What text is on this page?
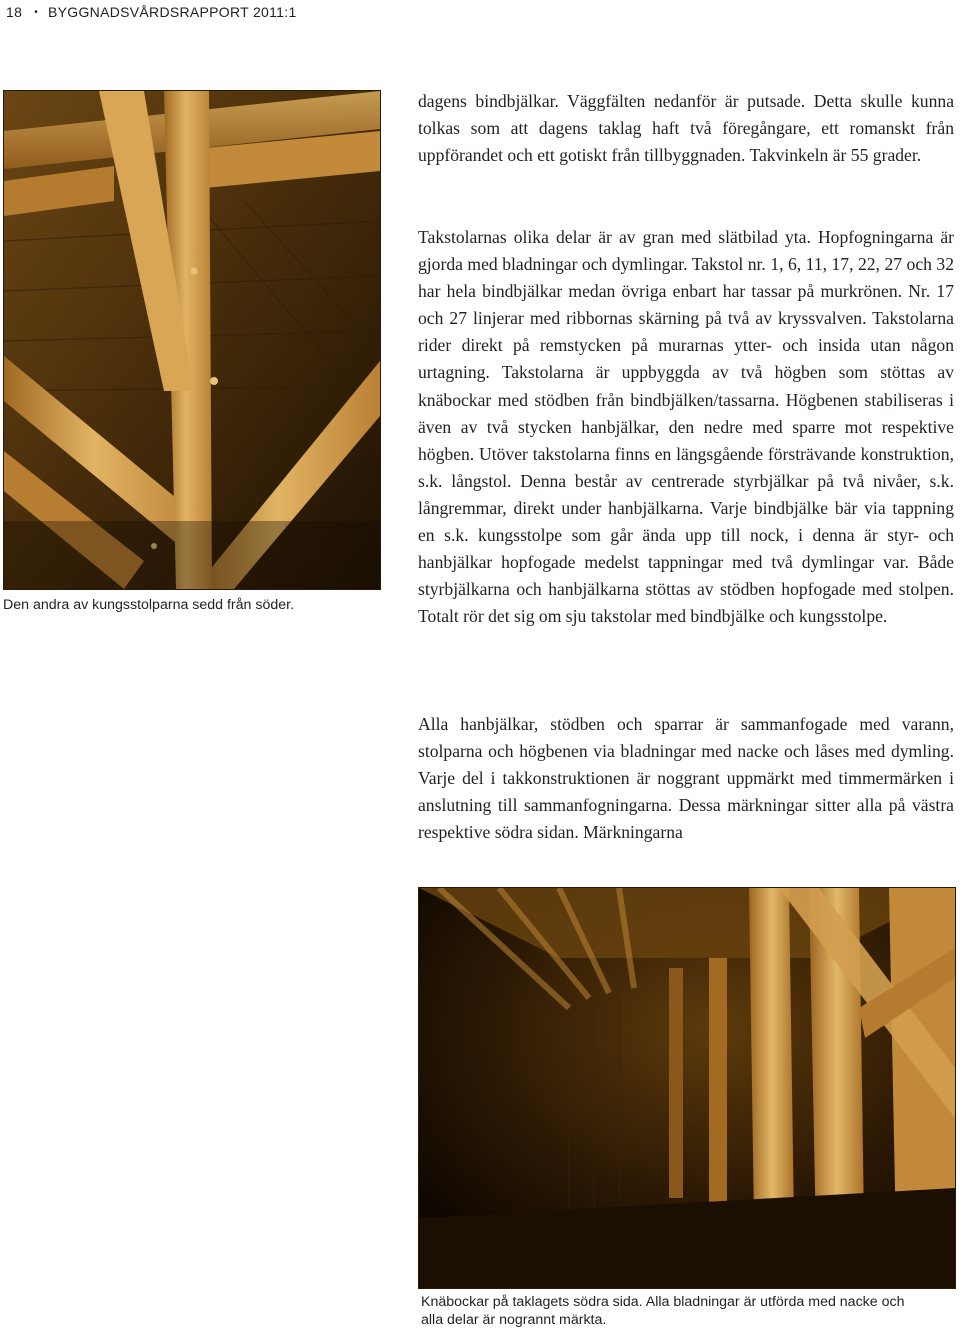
18 • BYGGNADSVÅRDSRAPPORT 2011:1
Den andra av kungsstolparna sedd från söder.

dagens bindbjälkar. Väggfälten nedanför är putsade. Detta skulle kunna tolkas som att dagens taklag haft två föregångare, ett romanskt från uppförandet och ett gotiskt från tillbyggnaden. Takvinkeln är 55 grader.

Takstolarnas olika delar är av gran med slätbilad yta. Hopfogningarna är gjorda med bladningar och dymlingar. Takstol nr. 1, 6, 11, 17, 22, 27 och 32 har hela bindbjälkar medan övriga enbart har tassar på murkrönen. Nr. 17 och 27 linjerar med ribbornas skärning på två av kryssvalven. Takstolarna rider direkt på remstycken på murarnas ytter- och insida utan någon urtagning. Takstolarna är uppbyggda av två högben som stöttas av knäbockar med stödben från bindbjälken/tassarna. Högbenen stabiliseras i även av två stycken hanbjälkar, den nedre med sparre mot respektive högben. Utöver takstolarna finns en längsgående försträvande konstruktion, s.k. långstol. Denna består av centrerade styrbjälkar på två nivåer, s.k. långremmar, direkt under hanbjälkarna. Varje bindbjälke bär via tappning en s.k. kungsstolpe som går ända upp till nock, i denna är styr- och hanbjälkar hopfogade medelst tappningar med två dymlingar var. Både styrbjälkarna och hanbjälkarna stöttas av stödben hopfogade med stolpen. Totalt rör det sig om sju takstolar med bindbjälke och kungsstolpe.

Alla hanbjälkar, stödben och sparrar är sammanfogade med varann, stolparna och högbenen via bladningar med nacke och låses med dymling. Varje del i takkonstruktionen är noggrant uppmärkt med timmermärken i anslutning till sammanfogningarna. Dessa märkningar sitter alla på västra respektive södra sidan. Märkningarna

Knäbockar på taklagets södra sida. Alla bladningar är utförda med nacke och
alla delar är nogrannt märkta.
